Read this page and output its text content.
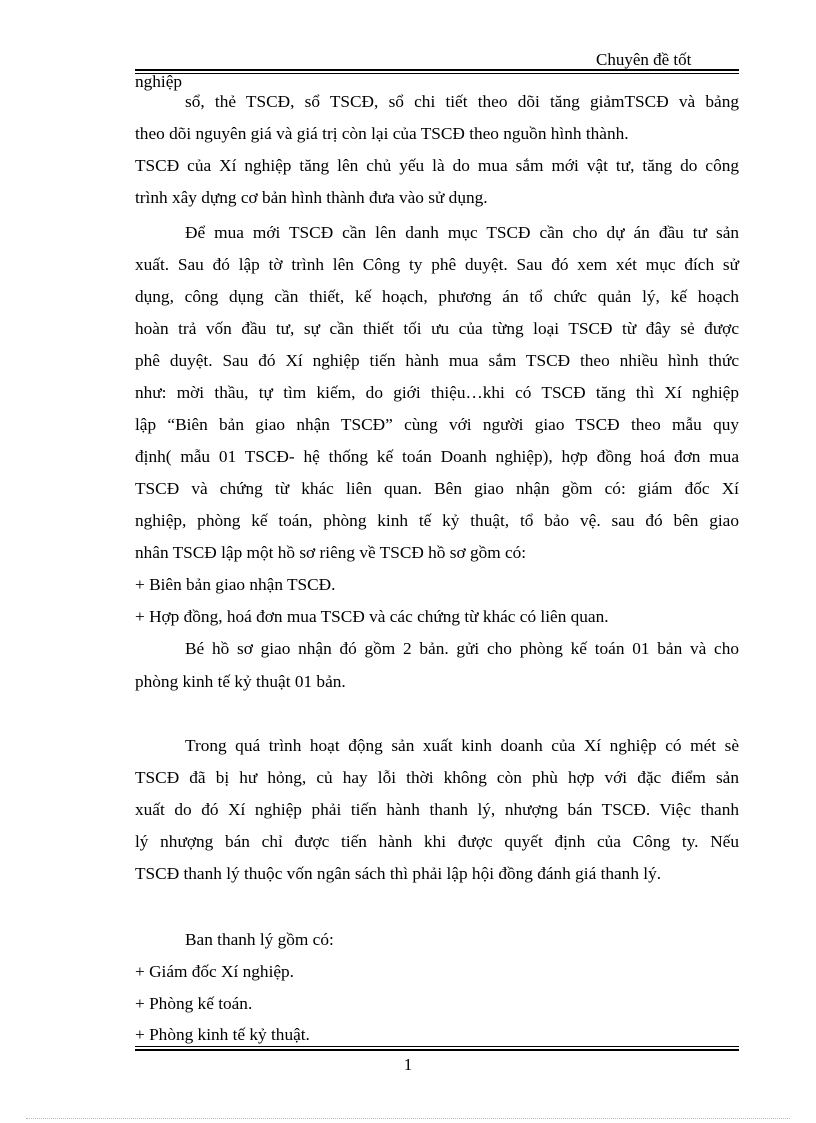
Chuyên đề tốt
nghiệp
sổ, thẻ TSCĐ, sổ TSCĐ, sổ chi tiết theo dõi tăng giảmTSCĐ và bảng
theo dõi nguyên giá và giá trị còn lại của TSCĐ theo nguồn hình thành.
TSCĐ của Xí nghiệp tăng lên chủ yếu là do mua sắm mới vật tư, tăng do công
trình xây dựng cơ bản hình thành đưa vào sử dụng.
Để mua mới TSCĐ cần lên danh mục TSCĐ cần cho dự án đầu tư sản
xuất. Sau đó lập tờ trình lên Công ty phê duyệt. Sau đó xem xét mục đích sử
dụng, công dụng cần thiết, kế hoạch, phương án tổ chức quản lý, kế hoạch
hoàn trả vốn đầu tư, sự cần thiết tối ưu của từng loại TSCĐ từ đây sẻ được
phê duyệt. Sau đó Xí nghiệp tiến hành mua sắm TSCĐ theo nhiều hình thức
như: mời thầu, tự tìm kiếm, do giới thiệu…khi có TSCĐ tăng thì Xí nghiệp
lập “Biên bản giao nhận TSCĐ” cùng với người giao TSCĐ theo mẫu quy
định( mẫu 01 TSCĐ- hệ thống kế toán Doanh nghiệp), hợp đồng hoá đơn mua
TSCĐ và chứng từ khác liên quan. Bên giao nhận gồm có: giám đốc Xí
nghiệp, phòng kế toán, phòng kinh tế kỷ thuật, tổ bảo vệ. sau đó bên giao
nhân TSCĐ lập một hồ sơ riêng về TSCĐ hồ sơ gồm có:
+ Biên bản giao nhận TSCĐ.
+ Hợp đồng, hoá đơn mua TSCĐ và các chứng từ khác có liên quan.
Bé hồ sơ giao nhận đó gồm 2 bản. gửi cho phòng kế toán 01 bản và cho
phòng kinh tế kỷ thuật 01 bản.
Trong quá trình hoạt động sản xuất kinh doanh của Xí nghiệp có mét sè
TSCĐ đã bị hư hỏng, củ hay lỗi thời không còn phù hợp với đặc điểm sản
xuất do đó Xí nghiệp phải tiến hành thanh lý, nhượng bán TSCĐ. Việc thanh
lý nhượng bán chỉ được tiến hành khi được quyết định của Công ty. Nếu
TSCĐ thanh lý thuộc vốn ngân sách thì phải lập hội đồng đánh giá thanh lý.
Ban thanh lý gồm có:
+ Giám đốc Xí nghiệp.
+ Phòng kế toán.
+ Phòng kinh tế kỷ thuật.
1
